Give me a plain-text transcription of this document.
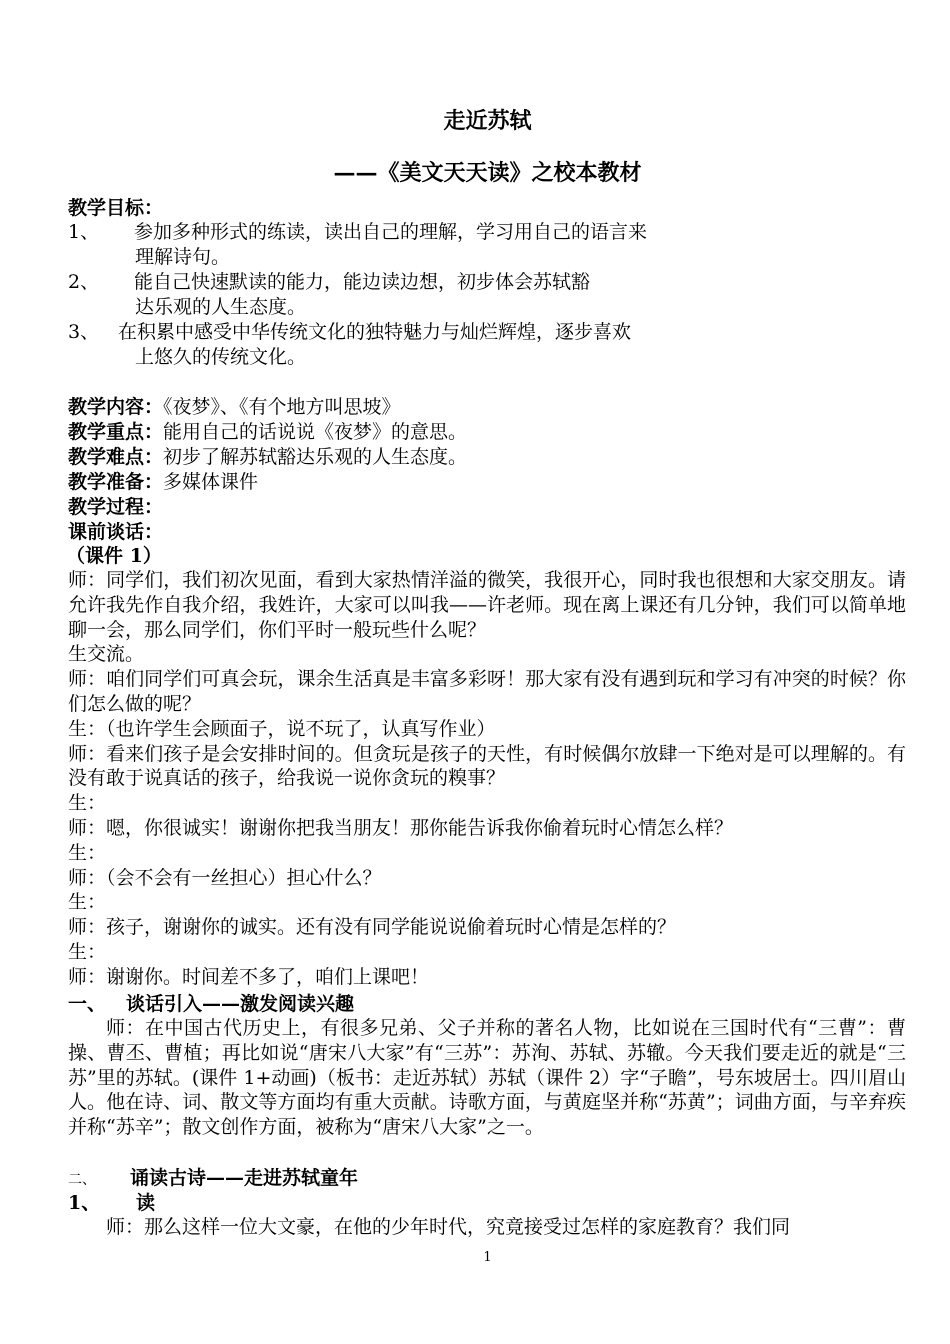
走近苏轼
——《美文天天读》之校本教材
教学目标：
1、 参加多种形式的练读，读出自己的理解，学习用自己的语言来
理解诗句。
2、 能自己快速默读的能力，能边读边想，初步体会苏轼豁
达乐观的人生态度。
3、 在积累中感受中华传统文化的独特魅力与灿烂辉煌，逐步喜欢
上悠久的传统文化。
教学内容：《夜梦》、《有个地方叫思坡》
教学重点：能用自己的话说说《夜梦》的意思。
教学难点：初步了解苏轼豁达乐观的人生态度。
教学准备：多媒体课件
教学过程：
课前谈话：
（课件 1）

师：同学们，我们初次见面，看到大家热情洋溢的微笑，我很开心，同时我也很想和大家交朋友。请允许我先作自我介绍，我姓许，大家可以叫我——许老师。现在离上课还有几分钟，我们可以简单地聊一会，那么同学们，你们平时一般玩些什么呢？

生交流。

师：咱们同学们可真会玩，课余生活真是丰富多彩呀！那大家有没有遇到玩和学习有冲突的时候？你们怎么做的呢？

生：（也许学生会顾面子，说不玩了，认真写作业）

师：看来们孩子是会安排时间的。但贪玩是孩子的天性，有时候偶尔放肆一下绝对是可以理解的。有没有敢于说真话的孩子，给我说一说你贪玩的糗事？

生：

师：嗯，你很诚实！谢谢你把我当朋友！那你能告诉我你偷着玩时心情怎么样？

生：

师：（会不会有一丝担心）担心什么？

生：

师：孩子，谢谢你的诚实。还有没有同学能说说偷着玩时心情是怎样的？

生：

师：谢谢你。时间差不多了，咱们上课吧！

一、 谈话引入——激发阅读兴趣

师：在中国古代历史上，有很多兄弟、父子并称的著名人物，比如说在三国时代有“三曹”：曹操、曹丕、曹植；再比如说“唐宋八大家”有“三苏”：苏洵、苏轼、苏辙。今天我们要走近的就是“三苏”里的苏轼。(课件 1+动画)（板书：走近苏轼）苏轼（课件 2）字“子瞻”，号东坡居士。四川眉山人。他在诗、词、散文等方面均有重大贡献。诗歌方面，与黄庭坚并称“苏黄”；词曲方面，与辛弃疾并称“苏辛”；散文创作方面，被称为“唐宋八大家”之一。

二、 诵读古诗——走进苏轼童年
1、 读

师：那么这样一位大文豪，在他的少年时代，究竟接受过怎样的家庭教育？我们同

1
